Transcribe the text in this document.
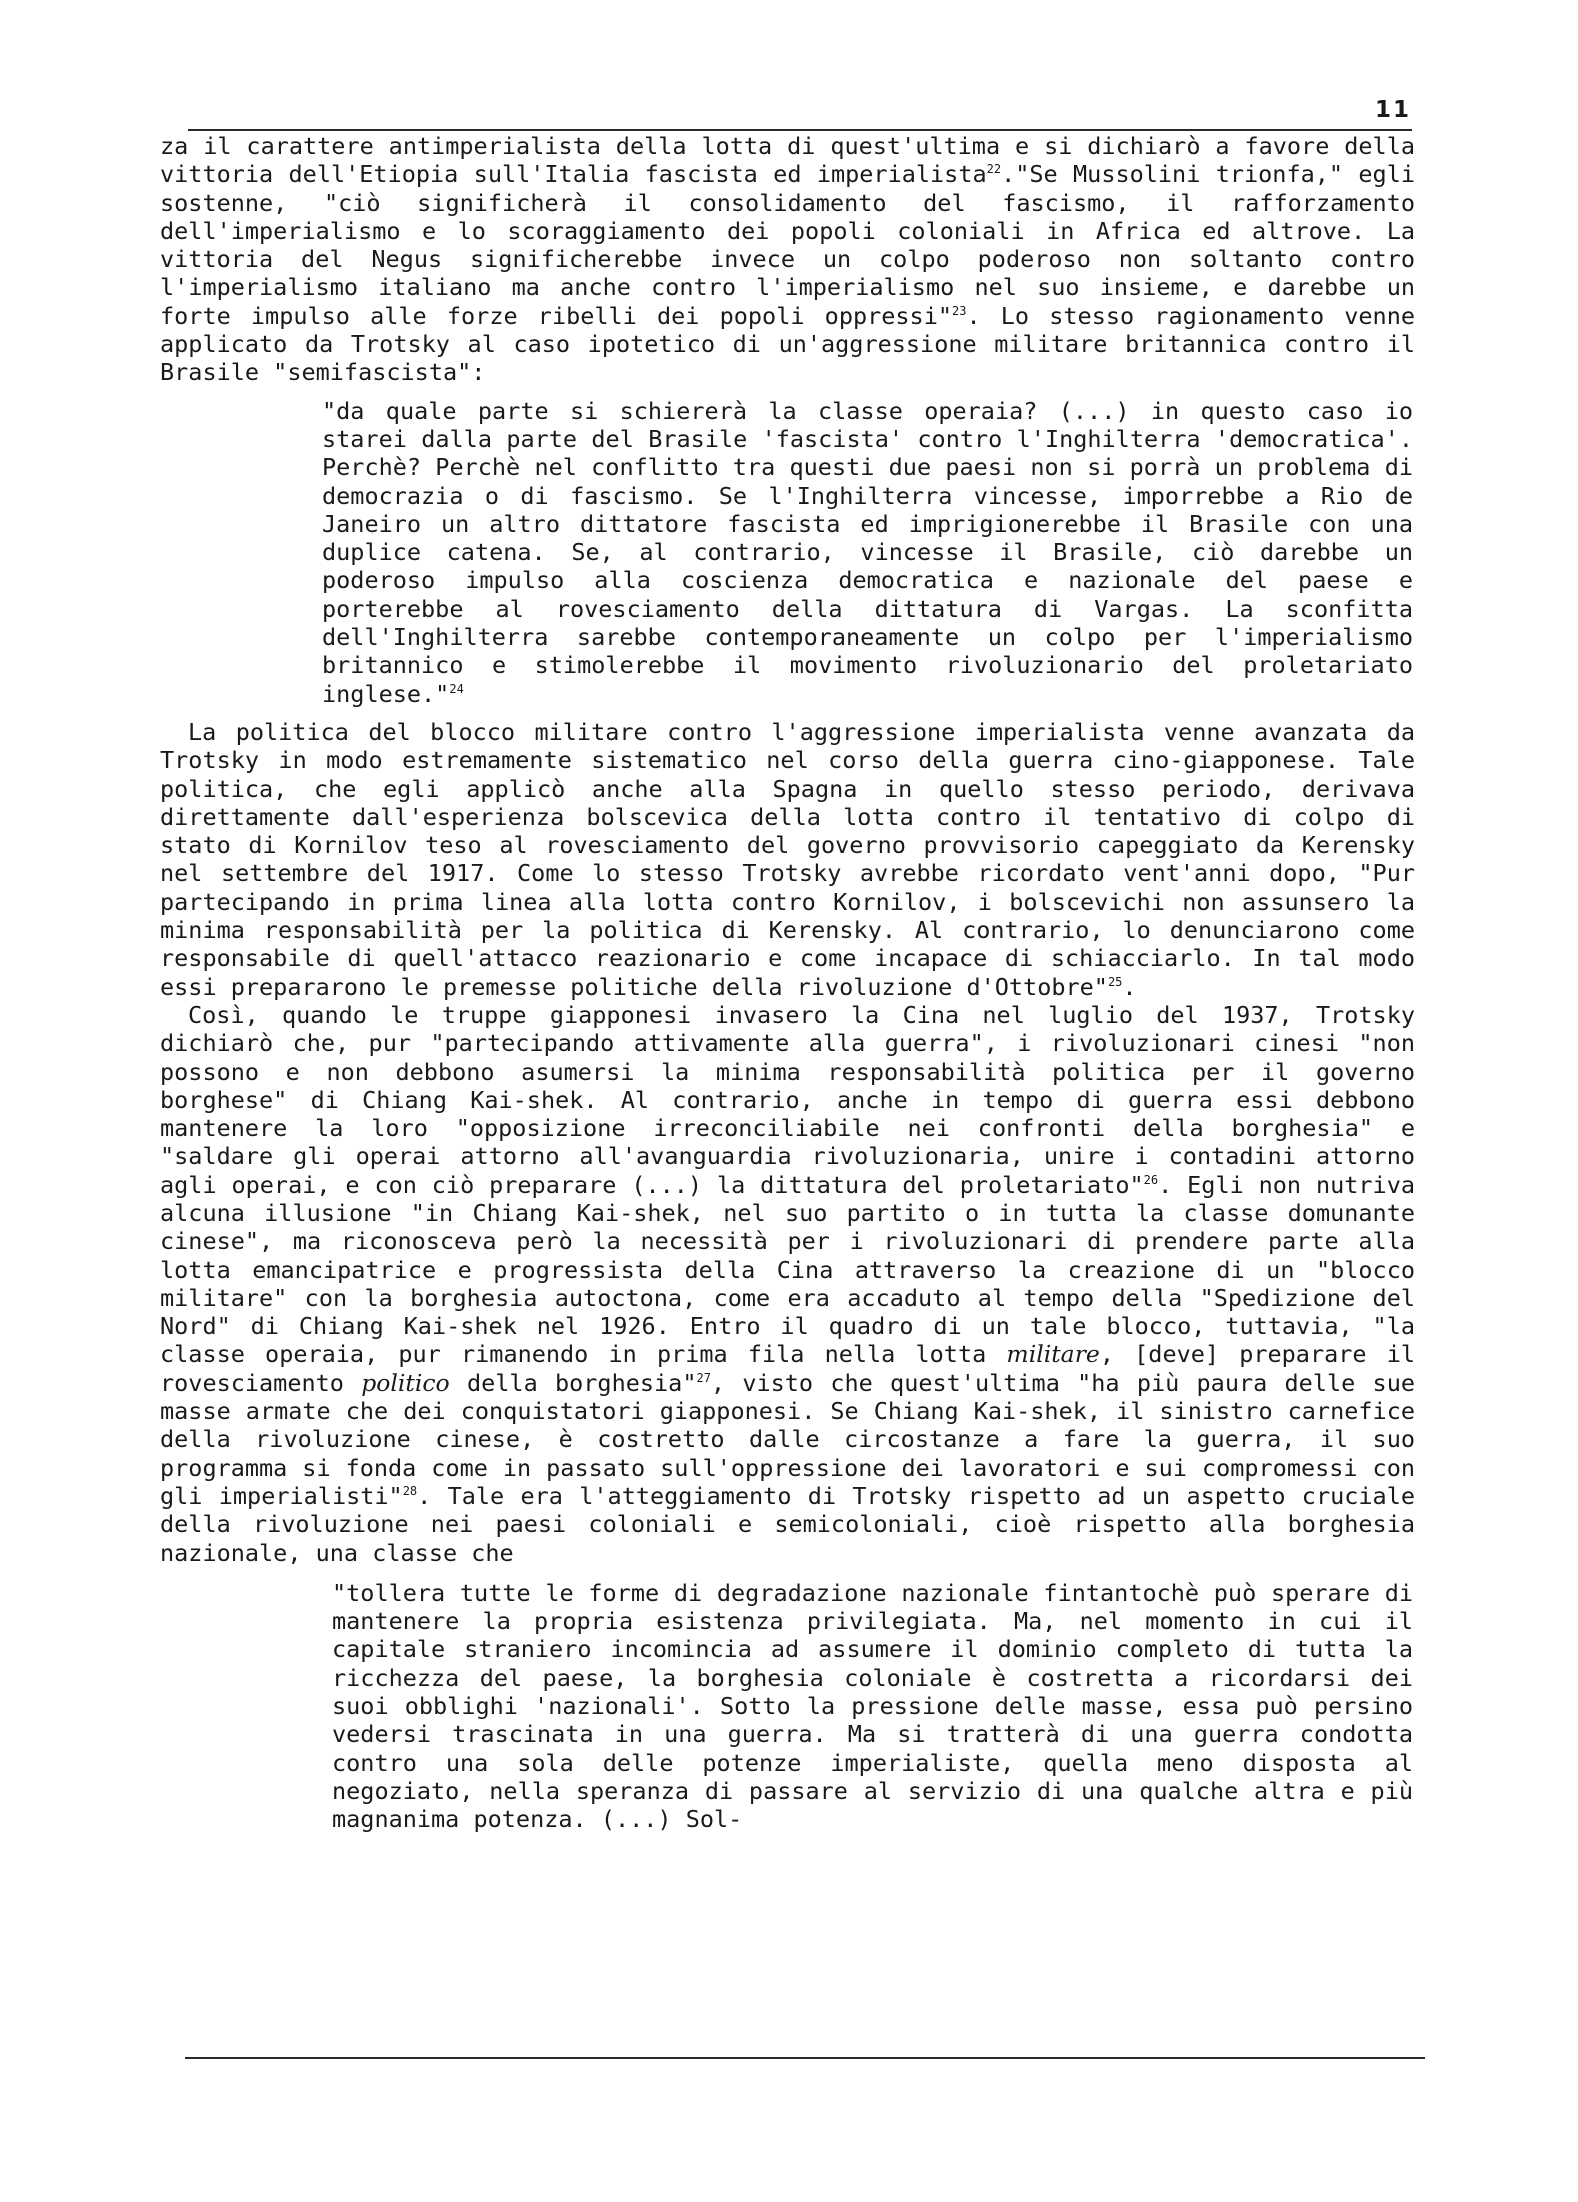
11

za il carattere antimperialista della lotta di quest'ultima e si dichiarò a favore della vittoria dell'Etiopia sull'Italia fascista ed imperialista$^{22}$."Se Mussolini trionfa," egli sostenne, "ciò significherà il consolidamento del fascismo, il rafforzamento dell'imperialismo e lo scoraggiamento dei popoli coloniali in Africa ed altrove. La vittoria del Negus significherebbe invece un colpo poderoso non soltanto contro l'imperialismo italiano ma anche contro l'imperialismo nel suo insieme, e darebbe un forte impulso alle forze ribelli dei popoli oppressi"$^{23}$. Lo stesso ragionamento venne applicato da Trotsky al caso ipotetico di un'aggressione militare britannica contro il Brasile "semifascista":

"da quale parte si schiererà la classe operaia? (...) in questo caso io starei dalla parte del Brasile 'fascista' contro l'Inghilterra 'democratica'. Perchè? Perchè nel conflitto tra questi due paesi non si porrà un problema di democrazia o di fascismo. Se l'Inghilterra vincesse, imporrebbe a Rio de Janeiro un altro dittatore fascista ed imprigionerebbe il Brasile con una duplice catena. Se, al contrario, vincesse il Brasile, ciò darebbe un poderoso impulso alla coscienza democratica e nazionale del paese e porterebbe al rovesciamento della dittatura di Vargas. La sconfitta dell'Inghilterra sarebbe contemporaneamente un colpo per l'imperialismo britannico e stimolerebbe il movimento rivoluzionario del proletariato inglese."$^{24}$

La politica del blocco militare contro l'aggressione imperialista venne avanzata da Trotsky in modo estremamente sistematico nel corso della guerra cino-giapponese. Tale politica, che egli applicò anche alla Spagna in quello stesso periodo, derivava direttamente dall'esperienza bolscevica della lotta contro il tentativo di colpo di stato di Kornilov teso al rovesciamento del governo provvisorio capeggiato da Kerensky nel settembre del 1917. Come lo stesso Trotsky avrebbe ricordato vent'anni dopo, "Pur partecipando in prima linea alla lotta contro Kornilov, i bolscevichi non assunsero la minima responsabilità per la politica di Kerensky. Al contrario, lo denunciarono come responsabile di quell'attacco reazionario e come incapace di schiacciarlo. In tal modo essi prepararono le premesse politiche della rivoluzione d'Ottobre"$^{25}$.

Così, quando le truppe giapponesi invasero la Cina nel luglio del 1937, Trotsky dichiarò che, pur "partecipando attivamente alla guerra", i rivoluzionari cinesi "non possono e non debbono asumersi la minima responsabilità politica per il governo borghese" di Chiang Kai-shek. Al contrario, anche in tempo di guerra essi debbono mantenere la loro "opposizione irreconciliabile nei confronti della borghesia" e "saldare gli operai attorno all'avanguardia rivoluzionaria, unire i contadini attorno agli operai, e con ciò preparare (...) la dittatura del proletariato"$^{26}$. Egli non nutriva alcuna illusione "in Chiang Kai-shek, nel suo partito o in tutta la classe domunante cinese", ma riconosceva però la necessità per i rivoluzionari di prendere parte alla lotta emancipatrice e progressista della Cina attraverso la creazione di un "blocco militare" con la borghesia autoctona, come era accaduto al tempo della "Spedizione del Nord" di Chiang Kai-shek nel 1926. Entro il quadro di un tale blocco, tuttavia, "la classe operaia, pur rimanendo in prima fila nella lotta militare, [deve] preparare il rovesciamento politico della borghesia"$^{27}$, visto che quest'ultima "ha più paura delle sue masse armate che dei conquistatori giapponesi. Se Chiang Kai-shek, il sinistro carnefice della rivoluzione cinese, è costretto dalle circostanze a fare la guerra, il suo programma si fonda come in passato sull'oppressione dei lavoratori e sui compromessi con gli imperialisti"$^{28}$. Tale era l'atteggiamento di Trotsky rispetto ad un aspetto cruciale della rivoluzione nei paesi coloniali e semicoloniali, cioè rispetto alla borghesia nazionale, una classe che

"tollera tutte le forme di degradazione nazionale fintantochè può sperare di mantenere la propria esistenza privilegiata. Ma, nel momento in cui il capitale straniero incomincia ad assumere il dominio completo di tutta la ricchezza del paese, la borghesia coloniale è costretta a ricordarsi dei suoi obblighi 'nazionali'. Sotto la pressione delle masse, essa può persino vedersi trascinata in una guerra. Ma si tratterà di una guerra condotta contro una sola delle potenze imperialiste, quella meno disposta al negoziato, nella speranza di passare al servizio di una qualche altra e più magnanima potenza. (...) Sol-
